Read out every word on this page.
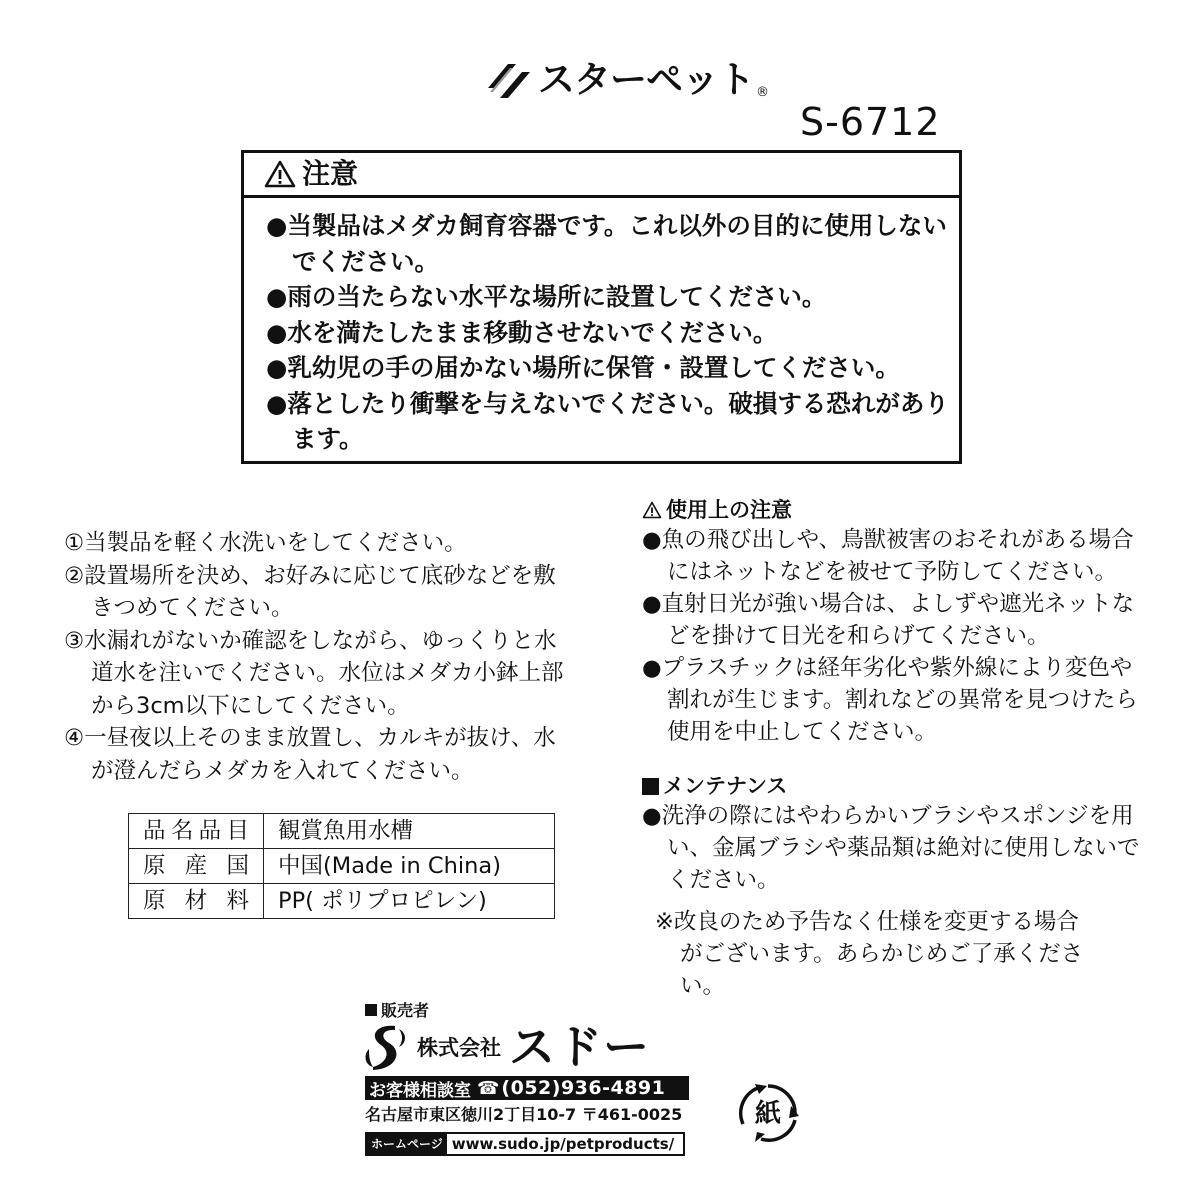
スターペット ®
S-6712
注意
●当製品はメダカ飼育容器です。これ以外の目的に使用しないでください。
●雨の当たらない水平な場所に設置してください。
●水を満たしたまま移動させないでください。
●乳幼児の手の届かない場所に保管・設置してください。
●落としたり衝撃を与えないでください。破損する恐れがあります。
①当製品を軽く水洗いをしてください。
②設置場所を決め、お好みに応じて底砂などを敷きつめてください。
③水漏れがないか確認をしながら、ゆっくりと水道水を注いでください。水位はメダカ小鉢上部から3cm以下にしてください。
④一昼夜以上そのまま放置し、カルキが抜け、水が澄んだらメダカを入れてください。
品名品目	観賞魚用水槽
原産国	中国(Made in China)
原材料	PP( ポリプロピレン)
使用上の注意
●魚の飛び出しや、鳥獣被害のおそれがある場合にはネットなどを被せて予防してください。
●直射日光が強い場合は、よしずや遮光ネットなどを掛けて日光を和らげてください。
●プラスチックは経年劣化や紫外線により変色や割れが生じます。割れなどの異常を見つけたら使用を中止してください。
メンテナンス
●洗浄の際にはやわらかいブラシやスポンジを用い、金属ブラシや薬品類は絶対に使用しないでください。
※改良のため予告なく仕様を変更する場合がございます。あらかじめご了承ください。
販売者
株式会社 スドー
お客様相談室 ☎ (052)936-4891
名古屋市東区徳川2丁目10-7 〒461-0025
ホームページ www.sudo.jp/petproducts/
紙
